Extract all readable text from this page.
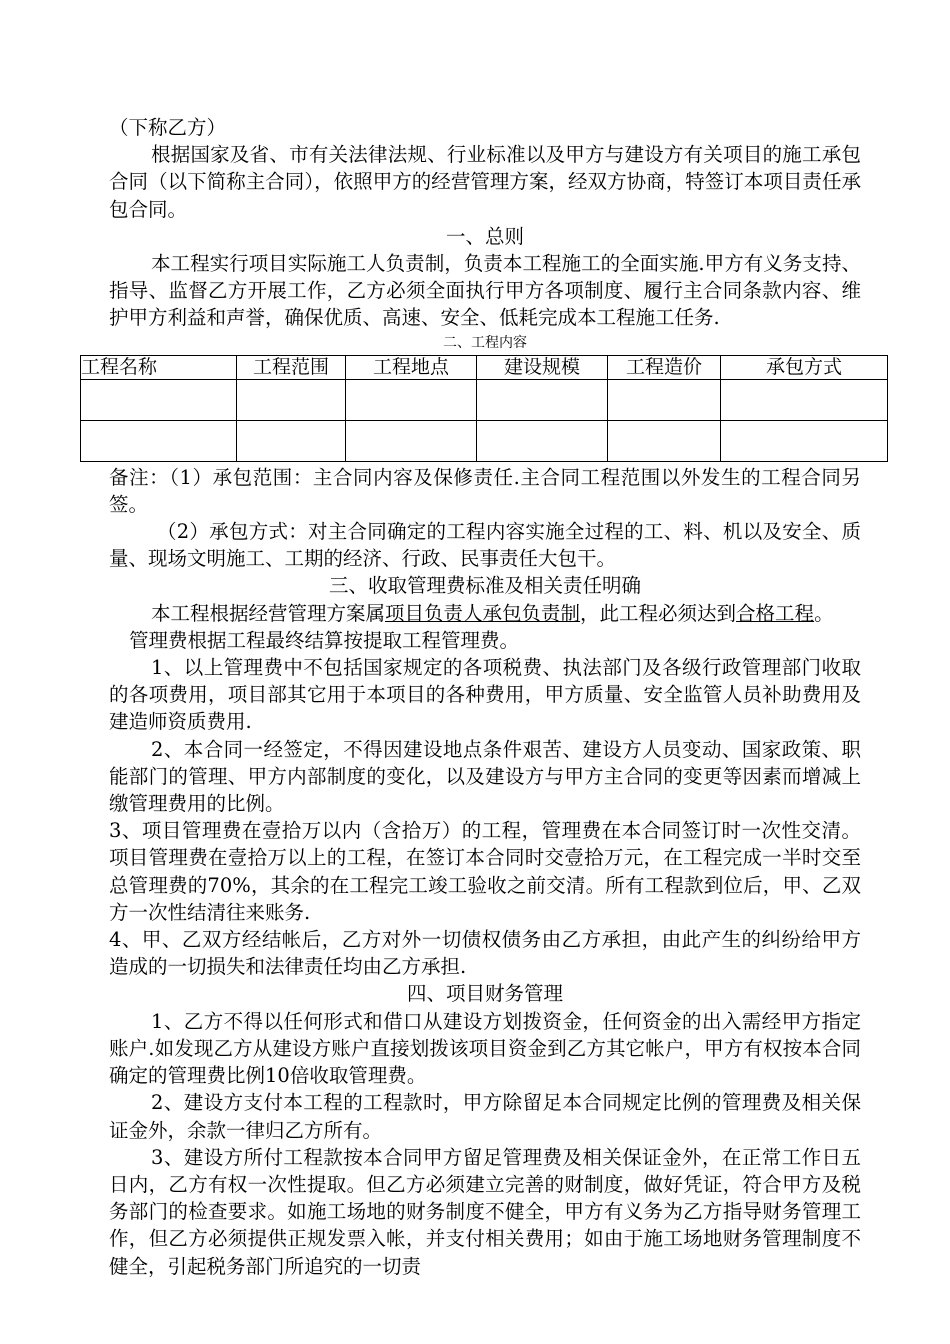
（下称乙方）

根据国家及省、市有关法律法规、行业标准以及甲方与建设方有关项目的施工承包合同（以下简称主合同），依照甲方的经营管理方案，经双方协商，特签订本项目责任承包合同。

一、总则

本工程实行项目实际施工人负责制，负责本工程施工的全面实施.甲方有义务支持、指导、监督乙方开展工作，乙方必须全面执行甲方各项制度、履行主合同条款内容、维护甲方利益和声誉，确保优质、高速、安全、低耗完成本工程施工任务.

二、工程内容

工程名称	工程范围	工程地点	建设规模	工程造价	承包方式

备注：（1）承包范围：主合同内容及保修责任.主合同工程范围以外发生的工程合同另签。

（2）承包方式：对主合同确定的工程内容实施全过程的工、料、机以及安全、质量、现场文明施工、工期的经济、行政、民事责任大包干。

三、收取管理费标准及相关责任明确

本工程根据经营管理方案属项目负责人承包负责制，此工程必须达到合格工程。

管理费根据工程最终结算按提取工程管理费。

1、以上管理费中不包括国家规定的各项税费、执法部门及各级行政管理部门收取的各项费用，项目部其它用于本项目的各种费用，甲方质量、安全监管人员补助费用及建造师资质费用.

2、本合同一经签定，不得因建设地点条件艰苦、建设方人员变动、国家政策、职能部门的管理、甲方内部制度的变化，以及建设方与甲方主合同的变更等因素而增减上缴管理费用的比例。

3、项目管理费在壹拾万以内（含拾万）的工程，管理费在本合同签订时一次性交清。项目管理费在壹拾万以上的工程，在签订本合同时交壹拾万元，在工程完成一半时交至总管理费的70%，其余的在工程完工竣工验收之前交清。所有工程款到位后，甲、乙双方一次性结清往来账务.

4、甲、乙双方经结帐后，乙方对外一切债权债务由乙方承担，由此产生的纠纷给甲方造成的一切损失和法律责任均由乙方承担.

四、项目财务管理

1、乙方不得以任何形式和借口从建设方划拨资金，任何资金的出入需经甲方指定账户.如发现乙方从建设方账户直接划拨该项目资金到乙方其它帐户，甲方有权按本合同确定的管理费比例10倍收取管理费。

2、建设方支付本工程的工程款时，甲方除留足本合同规定比例的管理费及相关保证金外，余款一律归乙方所有。

3、建设方所付工程款按本合同甲方留足管理费及相关保证金外，在正常工作日五日内，乙方有权一次性提取。但乙方必须建立完善的财制度，做好凭证，符合甲方及税务部门的检查要求。如施工场地的财务制度不健全，甲方有义务为乙方指导财务管理工作，但乙方必须提供正规发票入帐，并支付相关费用；如由于施工场地财务管理制度不健全，引起税务部门所追究的一切责
